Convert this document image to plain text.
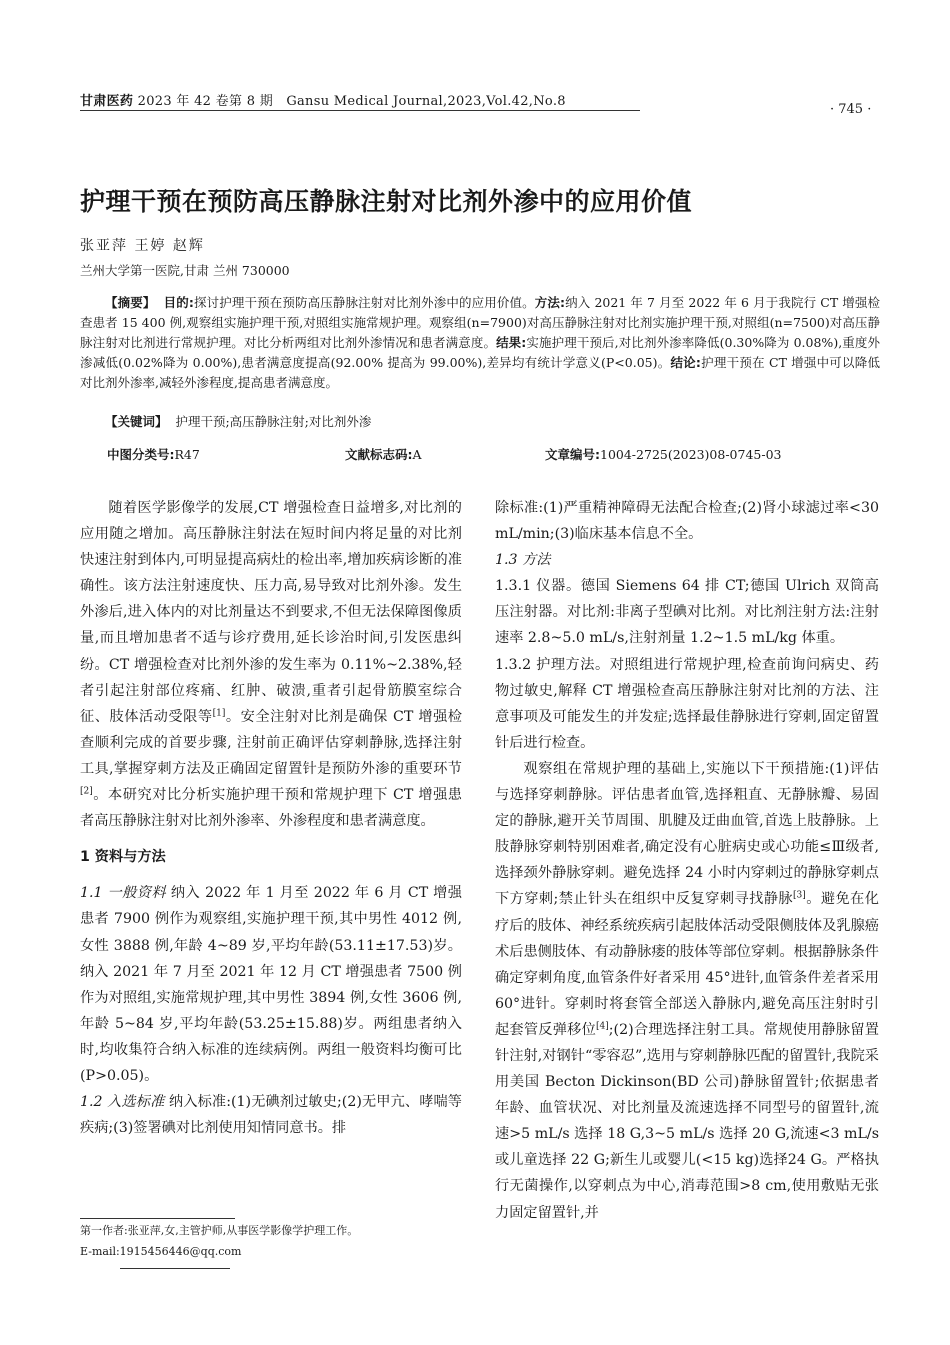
甘肃医药 2023 年 42 卷第 8 期 Gansu Medical Journal,2023,Vol.42,No.8
· 745 ·
护理干预在预防高压静脉注射对比剂外渗中的应用价值
张亚萍 王婷 赵辉
兰州大学第一医院,甘肃 兰州 730000

【摘要】 目的:探讨护理干预在预防高压静脉注射对比剂外渗中的应用价值。方法:纳入 2021 年 7 月至 2022 年 6 月于我院行 CT 增强检查患者 15 400 例,观察组实施护理干预,对照组实施常规护理。观察组(n=7900)对高压静脉注射对比剂实施护理干预,对照组(n=7500)对高压静脉注射对比剂进行常规护理。对比分析两组对比剂外渗情况和患者满意度。结果:实施护理干预后,对比剂外渗率降低(0.30%降为 0.08%),重度外渗减低(0.02%降为 0.00%),患者满意度提高(92.00% 提高为 99.00%),差异均有统计学意义(P<0.05)。结论:护理干预在 CT 增强中可以降低对比剂外渗率,减轻外渗程度,提高患者满意度。

【关键词】 护理干预;高压静脉注射;对比剂外渗
中图分类号:R47	文献标志码:A	文章编号:1004-2725(2023)08-0745-03

随着医学影像学的发展,CT 增强检查日益增多,对比剂的应用随之增加。高压静脉注射法在短时间内将足量的对比剂快速注射到体内,可明显提高病灶的检出率,增加疾病诊断的准确性。该方法注射速度快、压力高,易导致对比剂外渗。发生外渗后,进入体内的对比剂量达不到要求,不但无法保障图像质量,而且增加患者不适与诊疗费用,延长诊治时间,引发医患纠纷。CT 增强检查对比剂外渗的发生率为 0.11%~2.38%,轻者引起注射部位疼痛、红肿、破溃,重者引起骨筋膜室综合征、肢体活动受限等[1]。安全注射对比剂是确保 CT 增强检查顺利完成的首要步骤, 注射前正确评估穿刺静脉,选择注射工具,掌握穿刺方法及正确固定留置针是预防外渗的重要环节[2]。本研究对比分析实施护理干预和常规护理下 CT 增强患者高压静脉注射对比剂外渗率、外渗程度和患者满意度。

1 资料与方法

1.1 一般资料 纳入 2022 年 1 月至 2022 年 6 月 CT 增强患者 7900 例作为观察组,实施护理干预,其中男性 4012 例,女性 3888 例,年龄 4~89 岁,平均年龄(53.11±17.53)岁。纳入 2021 年 7 月至 2021 年 12 月 CT 增强患者 7500 例作为对照组,实施常规护理,其中男性 3894 例,女性 3606 例,年龄 5~84 岁,平均年龄(53.25±15.88)岁。两组患者纳入时,均收集符合纳入标准的连续病例。两组一般资料均衡可比(P>0.05)。

1.2 入选标准 纳入标准:(1)无碘剂过敏史;(2)无甲亢、哮喘等疾病;(3)签署碘对比剂使用知情同意书。排

除标准:(1)严重精神障碍无法配合检查;(2)肾小球滤过率<30 mL/min;(3)临床基本信息不全。

1.3 方法

1.3.1 仪器。德国 Siemens 64 排 CT;德国 Ulrich 双筒高压注射器。对比剂:非离子型碘对比剂。对比剂注射方法:注射速率 2.8~5.0 mL/s,注射剂量 1.2~1.5 mL/kg 体重。

1.3.2 护理方法。对照组进行常规护理,检查前询问病史、药物过敏史,解释 CT 增强检查高压静脉注射对比剂的方法、注意事项及可能发生的并发症;选择最佳静脉进行穿刺,固定留置针后进行检查。

观察组在常规护理的基础上,实施以下干预措施:(1)评估与选择穿刺静脉。评估患者血管,选择粗直、无静脉瓣、易固定的静脉,避开关节周围、肌腱及迂曲血管,首选上肢静脉。上肢静脉穿刺特别困难者,确定没有心脏病史或心功能≤Ⅲ级者,选择颈外静脉穿刺。避免选择 24 小时内穿刺过的静脉穿刺点下方穿刺;禁止针头在组织中反复穿刺寻找静脉[3]。避免在化疗后的肢体、神经系统疾病引起肢体活动受限侧肢体及乳腺癌术后患侧肢体、有动静脉瘘的肢体等部位穿刺。根据静脉条件确定穿刺角度,血管条件好者采用 45°进针,血管条件差者采用 60°进针。穿刺时将套管全部送入静脉内,避免高压注射时引起套管反弹移位[4];(2)合理选择注射工具。常规使用静脉留置针注射,对钢针“零容忍”,选用与穿刺静脉匹配的留置针,我院采用美国 Becton Dickinson(BD 公司)静脉留置针;依据患者年龄、血管状况、对比剂量及流速选择不同型号的留置针,流速>5 mL/s 选择 18 G,3~5 mL/s 选择 20 G,流速<3 mL/s 或儿童选择 22 G;新生儿或婴儿(<15 kg)选择24 G。严格执行无菌操作,以穿刺点为中心,消毒范围>8 cm,使用敷贴无张力固定留置针,并

第一作者:张亚萍,女,主管护师,从事医学影像学护理工作。
E-mail:1915456446@qq.com
